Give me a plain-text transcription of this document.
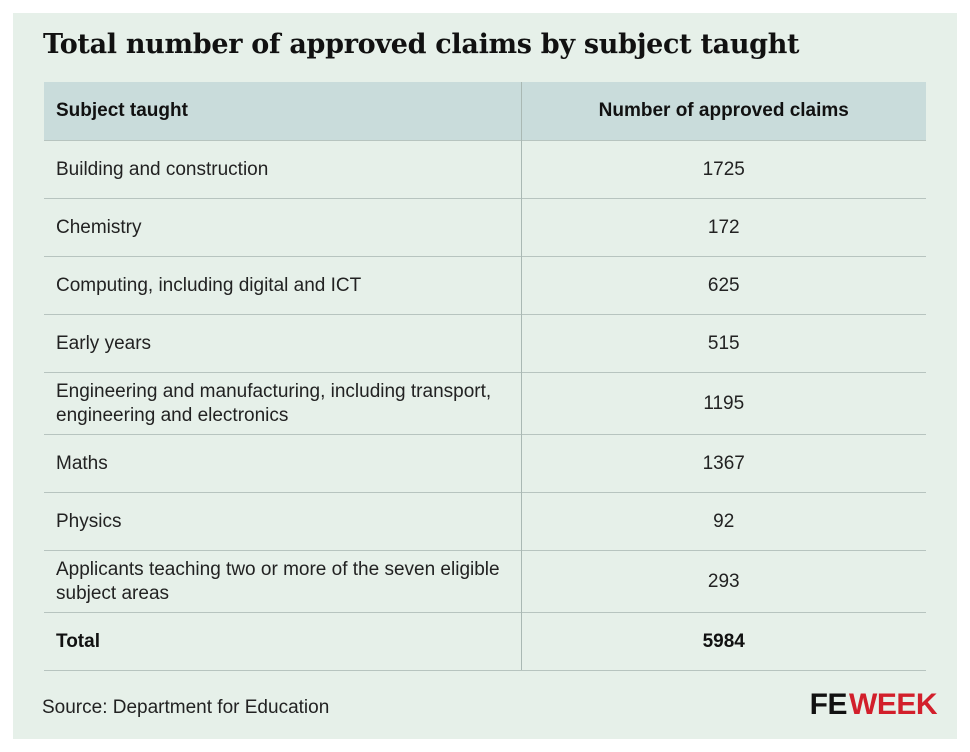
Total number of approved claims by subject taught
Subject taught	Number of approved claims
Building and construction	1725
Chemistry	172
Computing, including digital and ICT	625
Early years	515
Engineering and manufacturing, including transport, engineering and electronics	1195
Maths	1367
Physics	92
Applicants teaching two or more of the seven eligible subject areas	293
Total	5984
Source: Department for Education	FEWEEK
